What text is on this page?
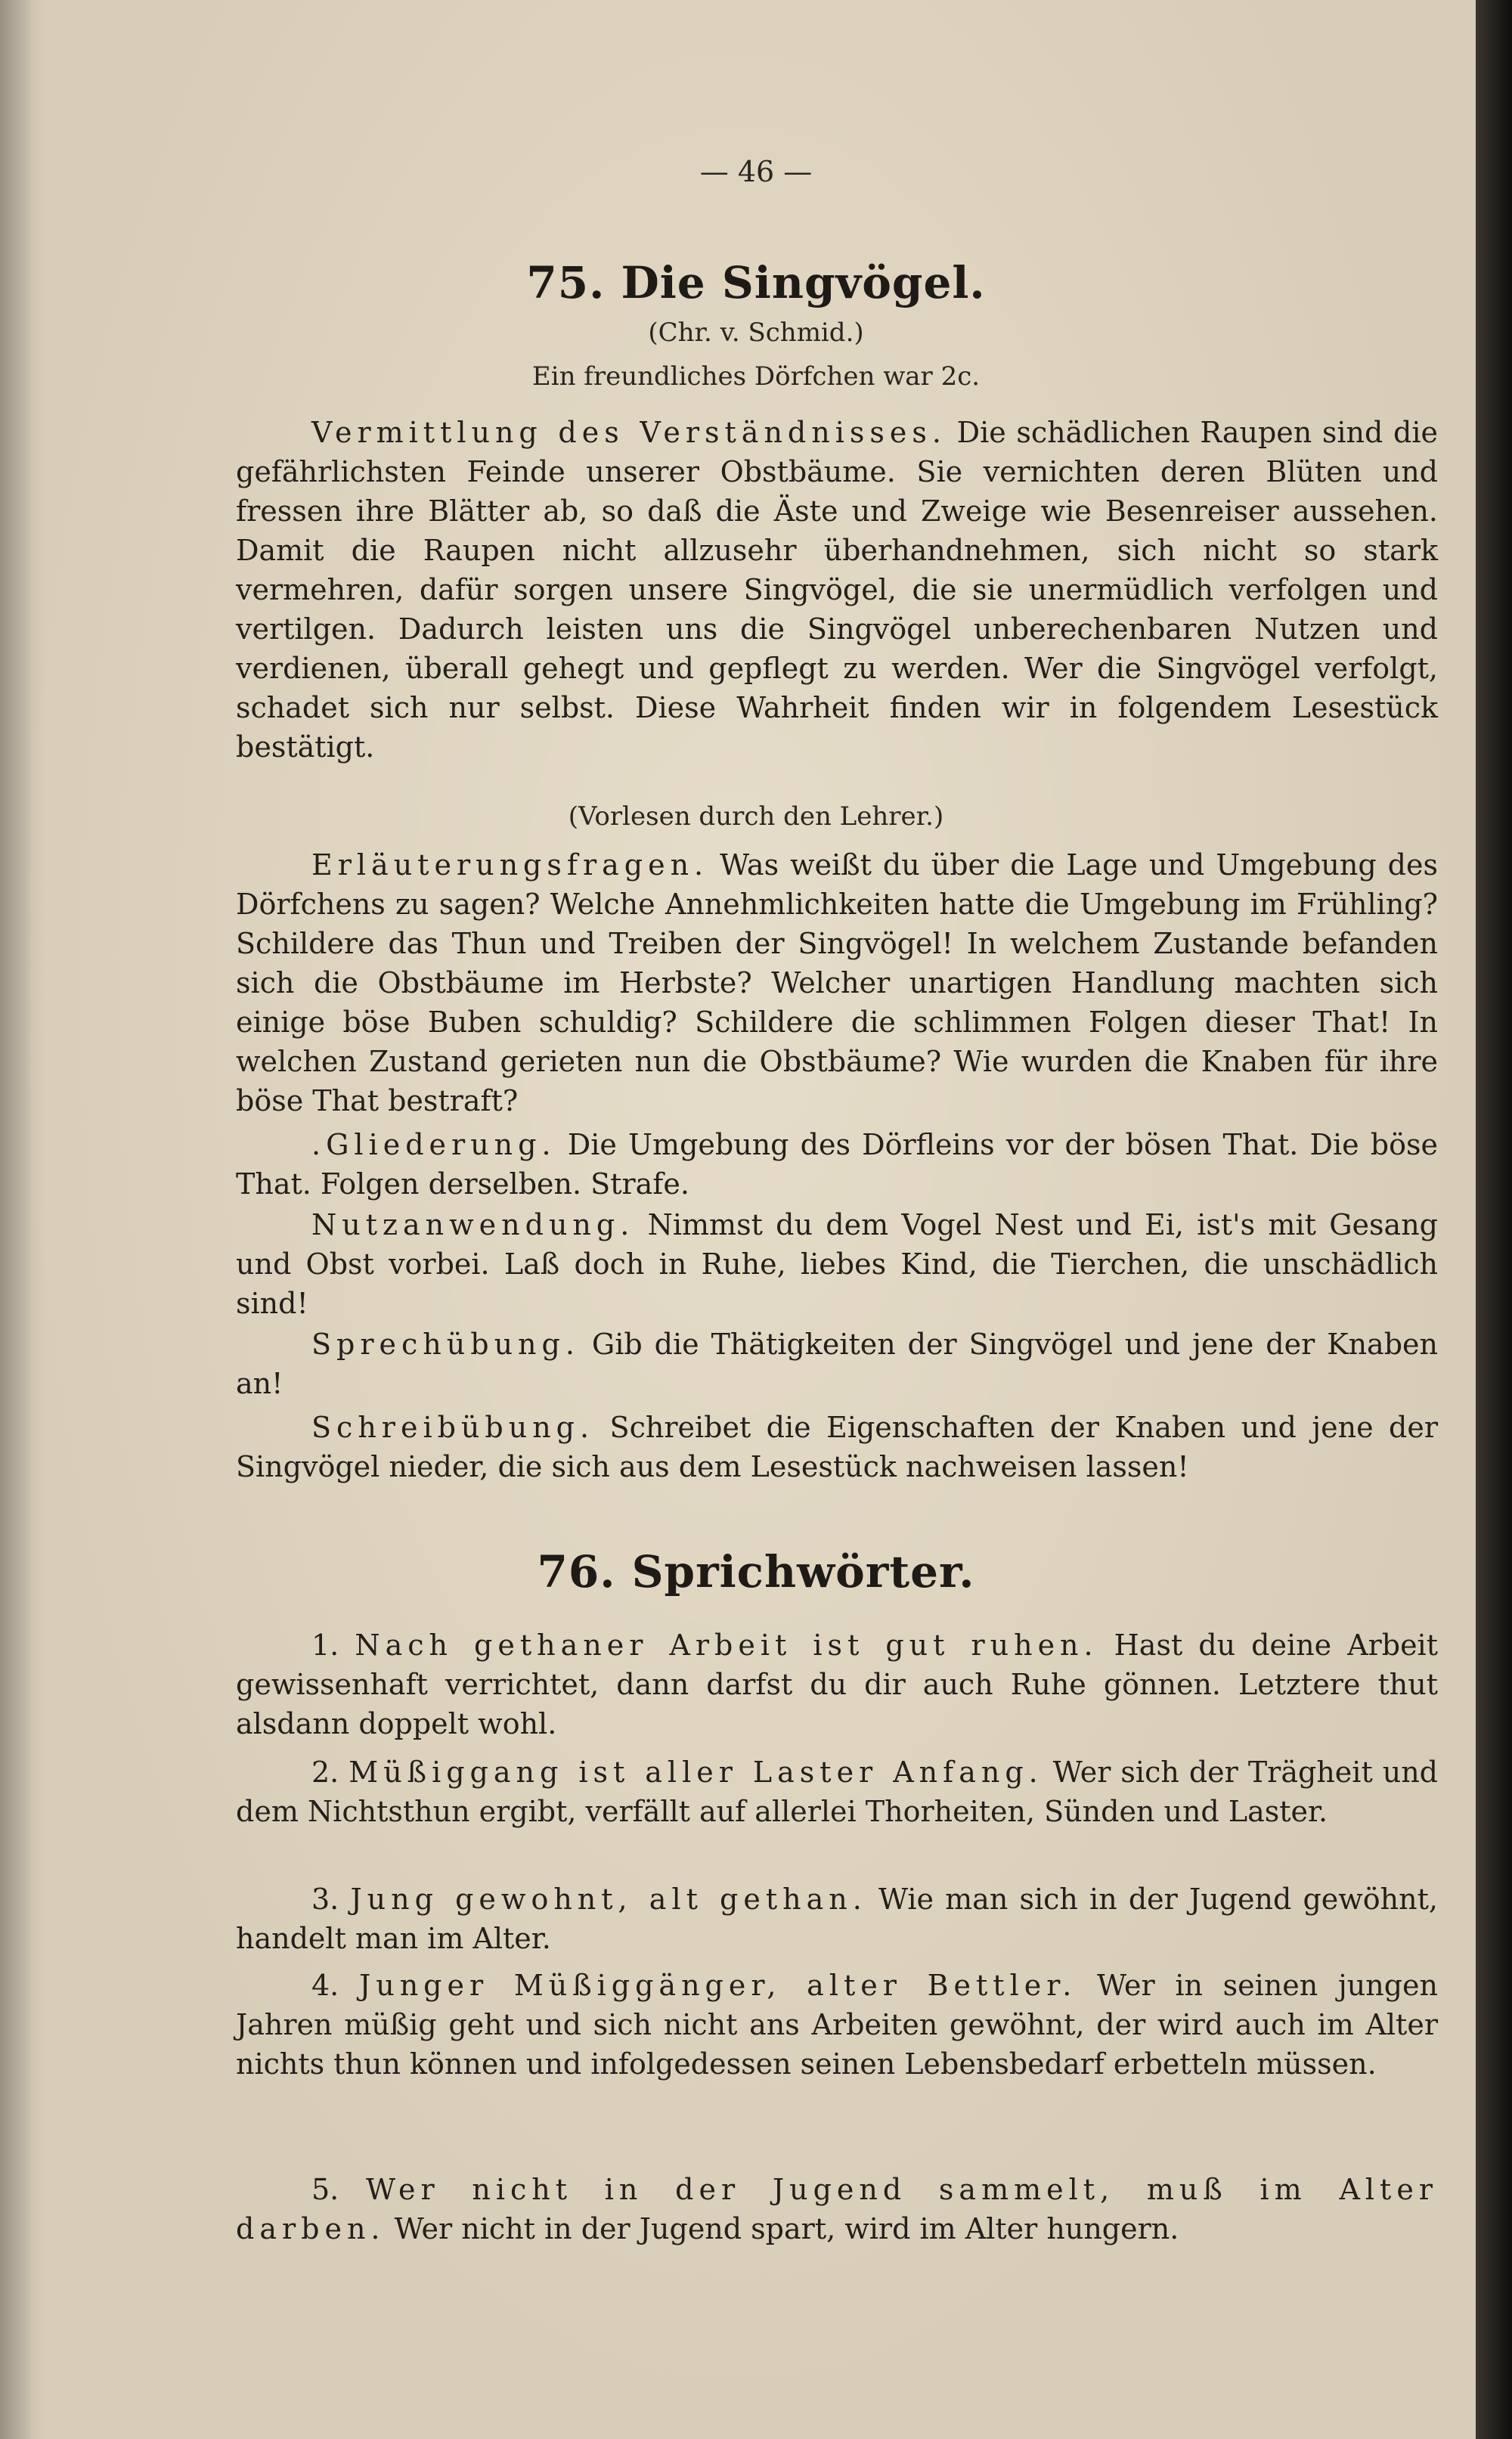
— 46 —
75. Die Singvögel.
(Chr. v. Schmid.)
Ein freundliches Dörfchen war 2c.
Vermittlung des Verständnisses. Die schädlichen Raupen sind die gefährlichsten Feinde unserer Obstbäume. Sie vernichten deren Blüten und fressen ihre Blätter ab, so daß die Äste und Zweige wie Besenreiser aussehen. Damit die Raupen nicht allzusehr überhandnehmen, sich nicht so stark vermehren, dafür sorgen unsere Singvögel, die sie unermüdlich verfolgen und vertilgen. Dadurch leisten uns die Singvögel unberechenbaren Nutzen und verdienen, überall gehegt und gepflegt zu werden. Wer die Singvögel verfolgt, schadet sich nur selbst. Diese Wahrheit finden wir in folgendem Lesestück bestätigt.
(Vorlesen durch den Lehrer.)
Erläuterungsfragen. Was weißt du über die Lage und Umgebung des Dörfchens zu sagen? Welche Annehmlichkeiten hatte die Umgebung im Frühling? Schildere das Thun und Treiben der Singvögel! In welchem Zustande befanden sich die Obstbäume im Herbste? Welcher unartigen Handlung machten sich einige böse Buben schuldig? Schildere die schlimmen Folgen dieser That! In welchen Zustand gerieten nun die Obstbäume? Wie wurden die Knaben für ihre böse That bestraft?
.Gliederung. Die Umgebung des Dörfleins vor der bösen That. Die böse That. Folgen derselben. Strafe.
Nutzanwendung. Nimmst du dem Vogel Nest und Ei, ist's mit Gesang und Obst vorbei. Laß doch in Ruhe, liebes Kind, die Tierchen, die unschädlich sind!
Sprechübung. Gib die Thätigkeiten der Singvögel und jene der Knaben an!
Schreibübung. Schreibet die Eigenschaften der Knaben und jene der Singvögel nieder, die sich aus dem Lesestück nachweisen lassen!
76. Sprichwörter.
1. Nach gethaner Arbeit ist gut ruhen. Hast du deine Arbeit gewissenhaft verrichtet, dann darfst du dir auch Ruhe gönnen. Letztere thut alsdann doppelt wohl.
2. Müßiggang ist aller Laster Anfang. Wer sich der Trägheit und dem Nichtsthun ergibt, verfällt auf allerlei Thorheiten, Sünden und Laster.
3. Jung gewohnt, alt gethan. Wie man sich in der Jugend gewöhnt, handelt man im Alter.
4. Junger Müßiggänger, alter Bettler. Wer in seinen jungen Jahren müßig geht und sich nicht ans Arbeiten gewöhnt, der wird auch im Alter nichts thun können und infolgedessen seinen Lebensbedarf erbetteln müssen.
5. Wer nicht in der Jugend sammelt, muß im Alter darben. Wer nicht in der Jugend spart, wird im Alter hungern.
